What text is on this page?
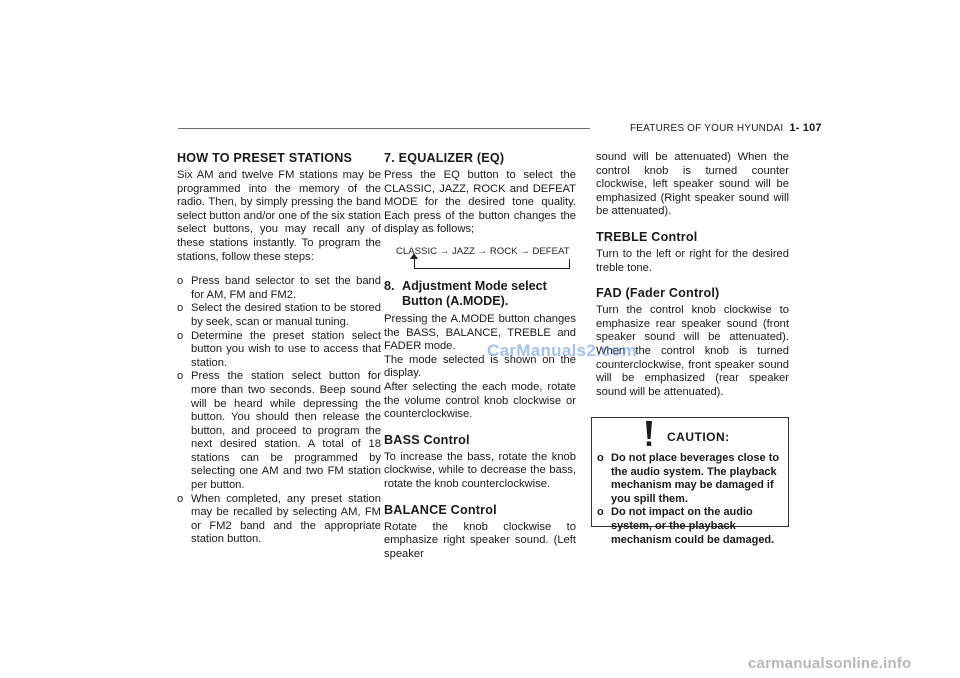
FEATURES OF YOUR HYUNDAI 1- 107
HOW TO PRESET STATIONS

Six AM and twelve FM stations may be programmed into the memory of the radio. Then, by simply pressing the band select button and/or one of the six station select buttons, you may recall any of these stations instantly. To program the stations, follow these steps:

o Press band selector to set the band for AM, FM and FM2.
o Select the desired station to be stored by seek, scan or manual tuning.
o Determine the preset station select button you wish to use to access that station.
o Press the station select button for more than two seconds. Beep sound will be heard while depressing the button. You should then release the button, and proceed to program the next desired station. A total of 18 stations can be programmed by selecting one AM and two FM station per button.
o When completed, any preset station may be recalled by selecting AM, FM or FM2 band and the appropriate station button.
7. EQUALIZER (EQ)

Press the EQ button to select the CLASSIC, JAZZ, ROCK and DEFEAT MODE for the desired tone quality. Each press of the button changes the display as follows;

CLASSIC → JAZZ → ROCK → DEFEAT
8. Adjustment Mode select Button (A.MODE).

Pressing the A.MODE button changes the BASS, BALANCE, TREBLE and FADER mode.

The mode selected is shown on the display.

After selecting the each mode, rotate the volume control knob clockwise or counterclockwise.

BASS Control

To increase the bass, rotate the knob clockwise, while to decrease the bass, rotate the knob counterclockwise.

BALANCE Control

Rotate the knob clockwise to emphasize right speaker sound. (Left speaker

sound will be attenuated) When the control knob is turned counter clockwise, left speaker sound will be emphasized (Right speaker sound will be attenuated).

TREBLE Control

Turn to the left or right for the desired treble tone.

FAD (Fader Control)

Turn the control knob clockwise to emphasize rear speaker sound (front speaker sound will be attenuated). When the control knob is turned counterclockwise, front speaker sound will be emphasized (rear speaker sound will be attenuated).

CAUTION:
o Do not place beverages close to the audio system. The playback mechanism may be damaged if you spill them.
o Do not impact on the audio system, or the playback mechanism could be damaged.
CarManuals2.com
carmanualsonline.info
